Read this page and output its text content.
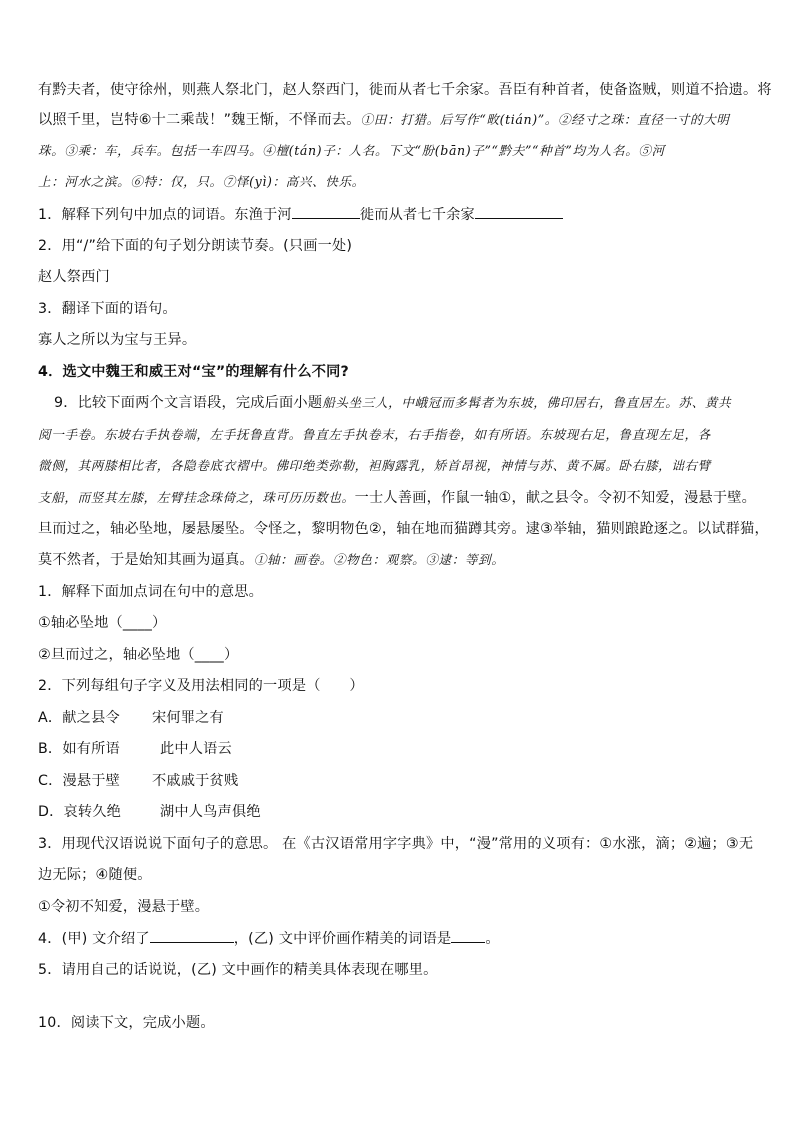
有黔夫者，使守徐州，则燕人祭北门，赵人祭西门，徙而从者七千余家。吾臣有种首者，使备盗贼，则道不拾遗。将
以照千里，岂特⑥十二乘哉！”魏王惭，不怿而去。①田：打猎。后写作“畋(tián)”。②经寸之珠：直径一寸的大明
珠。③乘：车，兵车。包括一车四马。④檀(tán)子：人名。下文“朌(bān)子”“黔夫”“种首”均为人名。⑤河
上：河水之滨。⑥特：仅，只。⑦怿(yì)：高兴、快乐。
1．解释下列句中加点的词语。东渔于河	徙而从者七千余家
2．用“/”给下面的句子划分朗读节奏。(只画一处)
赵人祭西门
3．翻译下面的语句。
寡人之所以为宝与王异。
4．选文中魏王和威王对“宝”的理解有什么不同?
9．比较下面两个文言语段，完成后面小题船头坐三人，中峨冠而多髯者为东坡，佛印居右，鲁直居左。苏、黄共
阅一手卷。东坡右手执卷端，左手抚鲁直背。鲁直左手执卷末，右手指卷，如有所语。东坡现右足，鲁直现左足，各
微侧，其两膝相比者，各隐卷底衣褶中。佛印绝类弥勒，袒胸露乳，矫首昂视，神情与苏、黄不属。卧右膝，诎右臂
支船，而竖其左膝，左臂挂念珠倚之，珠可历历数也。一士人善画，作鼠一轴①，献之县令。令初不知爱，漫悬于壁。
旦而过之，轴必坠地，屡悬屡坠。令怪之，黎明物色②，轴在地而猫蹲其旁。逮③举轴，猫则踉跄逐之。以试群猫，
莫不然者，于是始知其画为逼真。①轴：画卷。②物色：观察。③逮：等到。
1．解释下面加点词在句中的意思。
①轴必坠地（____）
②旦而过之，轴必坠地（____）
2．下列每组句子字义及用法相同的一项是（　　）
A．献之县令 宋何罪之有
B．如有所语	此中人语云
C．漫悬于壁 不戚戚于贫贱
D．哀转久绝	湖中人鸟声俱绝
3．用现代汉语说说下面句子的意思。 在《古汉语常用字字典》中，“漫”常用的义项有：①水涨，滴；②遍；③无
边无际；④随便。
①令初不知爱，漫悬于壁。
4．(甲) 文介绍了	，(乙) 文中评价画作精美的词语是 。
5．请用自己的话说说，(乙) 文中画作的精美具体表现在哪里。
10．阅读下文，完成小题。
